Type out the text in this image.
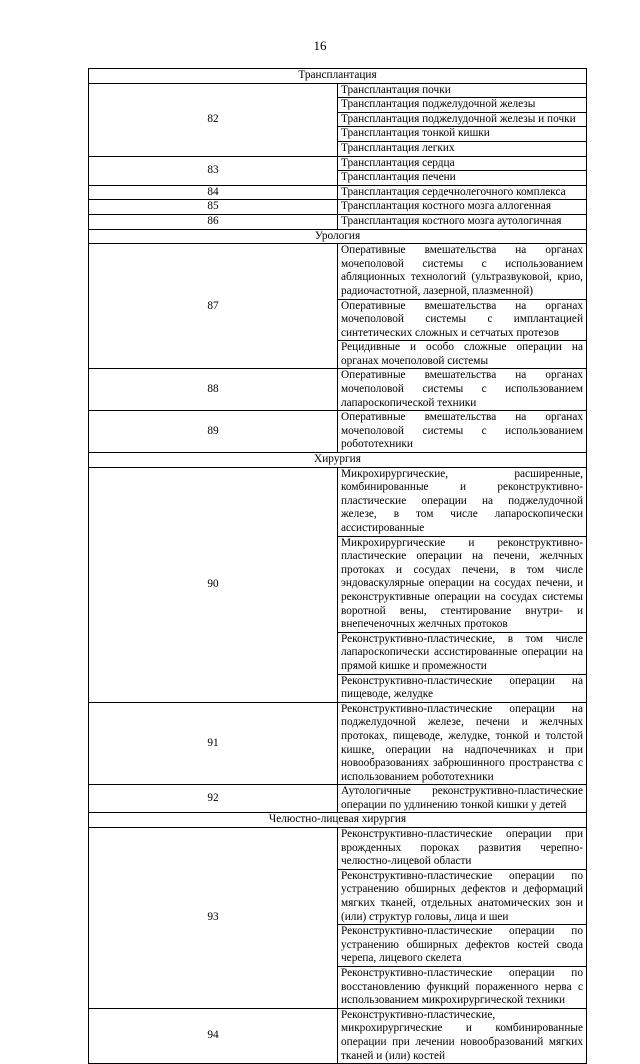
16
Трансплантация	
82	Трансплантация почки
	Трансплантация поджелудочной железы
	Трансплантация поджелудочной железы и почки
	Трансплантация тонкой кишки
	Трансплантация легких
83	Трансплантация сердца
	Трансплантация печени
84	Трансплантация сердечнолегочного комплекса
85	Трансплантация костного мозга аллогенная
86	Трансплантация костного мозга аутологичная
Урология	
87	Оперативные вмешательства на органах мочеполовой системы с использованием абляционных технологий (ультразвуковой, крио, радиочастотной, лазерной, плазменной)
	Оперативные вмешательства на органах мочеполовой системы с имплантацией синтетических сложных и сетчатых протезов
	Рецидивные и особо сложные операции на органах мочеполовой системы
88	Оперативные вмешательства на органах мочеполовой системы с использованием лапароскопической техники
89	Оперативные вмешательства на органах мочеполовой системы с использованием робототехники
Хирургия	
90	Микрохирургические, расширенные, комбинированные и реконструктивно-пластические операции на поджелудочной железе, в том числе лапароскопически ассистированные
	Микрохирургические и реконструктивно-пластические операции на печени, желчных протоках и сосудах печени, в том числе эндоваскулярные операции на сосудах печени, и реконструктивные операции на сосудах системы воротной вены, стентирование внутри- и внепеченочных желчных протоков
	Реконструктивно-пластические, в том числе лапароскопически ассистированные операции на прямой кишке и промежности
	Реконструктивно-пластические операции на пищеводе, желудке
91	Реконструктивно-пластические операции на поджелудочной железе, печени и желчных протоках, пищеводе, желудке, тонкой и толстой кишке, операции на надпочечниках и при новообразованиях забрюшинного пространства с использованием робототехники
92	Аутологичные реконструктивно-пластические операции по удлинению тонкой кишки у детей
Челюстно-лицевая хирургия	
93	Реконструктивно-пластические операции при врожденных пороках развития черепно-челюстно-лицевой области
	Реконструктивно-пластические операции по устранению обширных дефектов и деформаций мягких тканей, отдельных анатомических зон и (или) структур головы, лица и шеи
	Реконструктивно-пластические операции по устранению обширных дефектов костей свода черепа, лицевого скелета
	Реконструктивно-пластические операции по восстановлению функций пораженного нерва с использованием микрохирургической техники
94	Реконструктивно-пластические, микрохирургические и комбинированные операции при лечении новообразований мягких тканей и (или) костей
